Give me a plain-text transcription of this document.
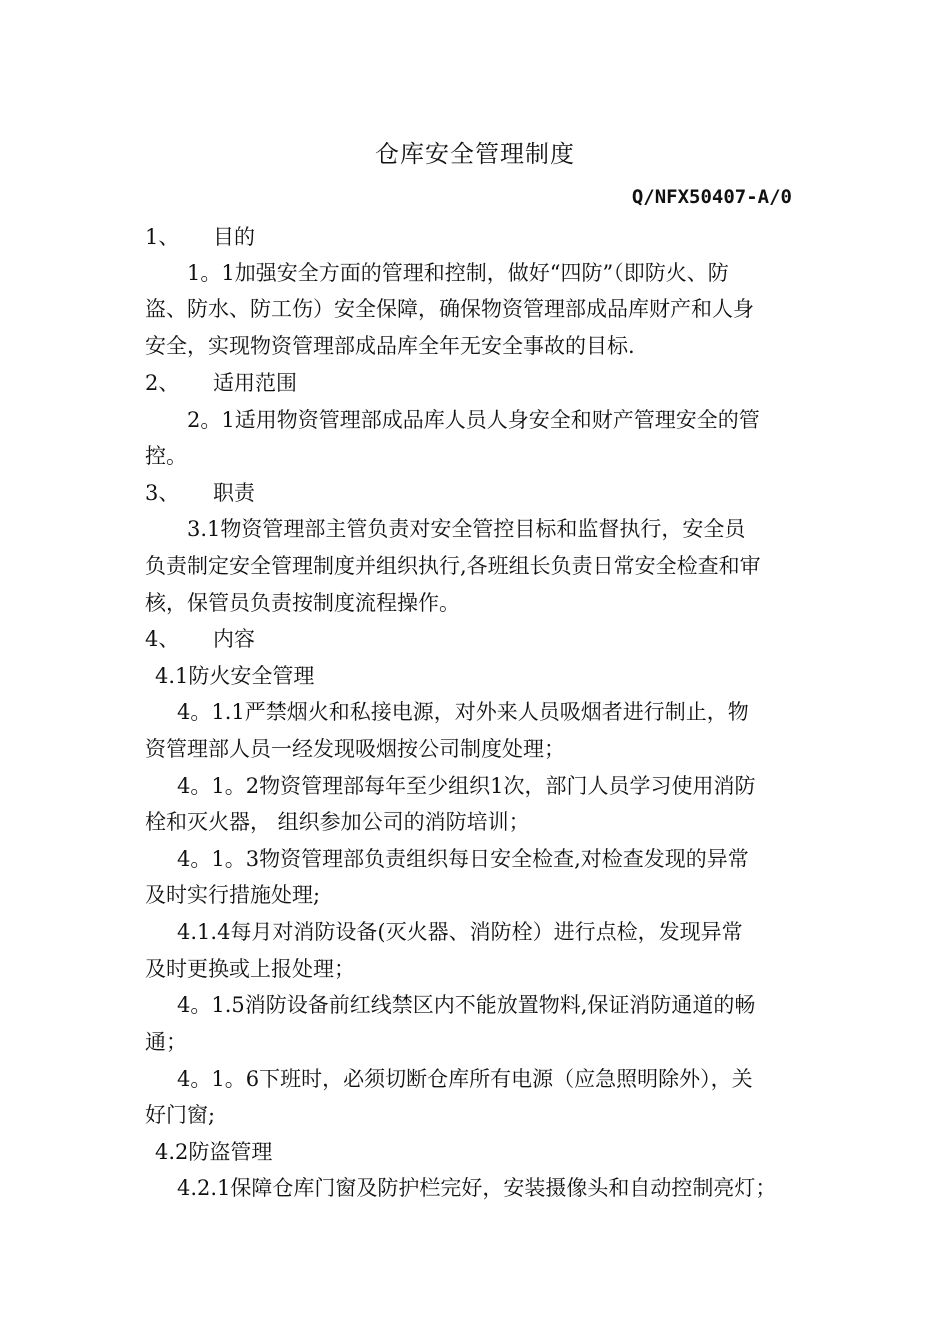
仓库安全管理制度
Q/NFX50407-A/0
1、 目的
1。1加强安全方面的管理和控制，做好“四防”（即防火、防
盗、防水、防工伤）安全保障，确保物资管理部成品库财产和人身
安全，实现物资管理部成品库全年无安全事故的目标.
2、 适用范围
2。1适用物资管理部成品库人员人身安全和财产管理安全的管
控。
3、 职责
3.1物资管理部主管负责对安全管控目标和监督执行，安全员
负责制定安全管理制度并组织执行,各班组长负责日常安全检查和审
核，保管员负责按制度流程操作。
4、 内容
4.1防火安全管理
4。1.1严禁烟火和私接电源，对外来人员吸烟者进行制止，物
资管理部人员一经发现吸烟按公司制度处理；
4。1。2物资管理部每年至少组织1次，部门人员学习使用消防
栓和灭火器， 组织参加公司的消防培训；
4。1。3物资管理部负责组织每日安全检查,对检查发现的异常
及时实行措施处理;
4.1.4每月对消防设备(灭火器、消防栓）进行点检，发现异常
及时更换或上报处理；
4。1.5消防设备前红线禁区内不能放置物料,保证消防通道的畅
通；
4。1。6下班时，必须切断仓库所有电源（应急照明除外），关
好门窗;
4.2防盗管理
4.2.1保障仓库门窗及防护栏完好，安装摄像头和自动控制亮灯；
